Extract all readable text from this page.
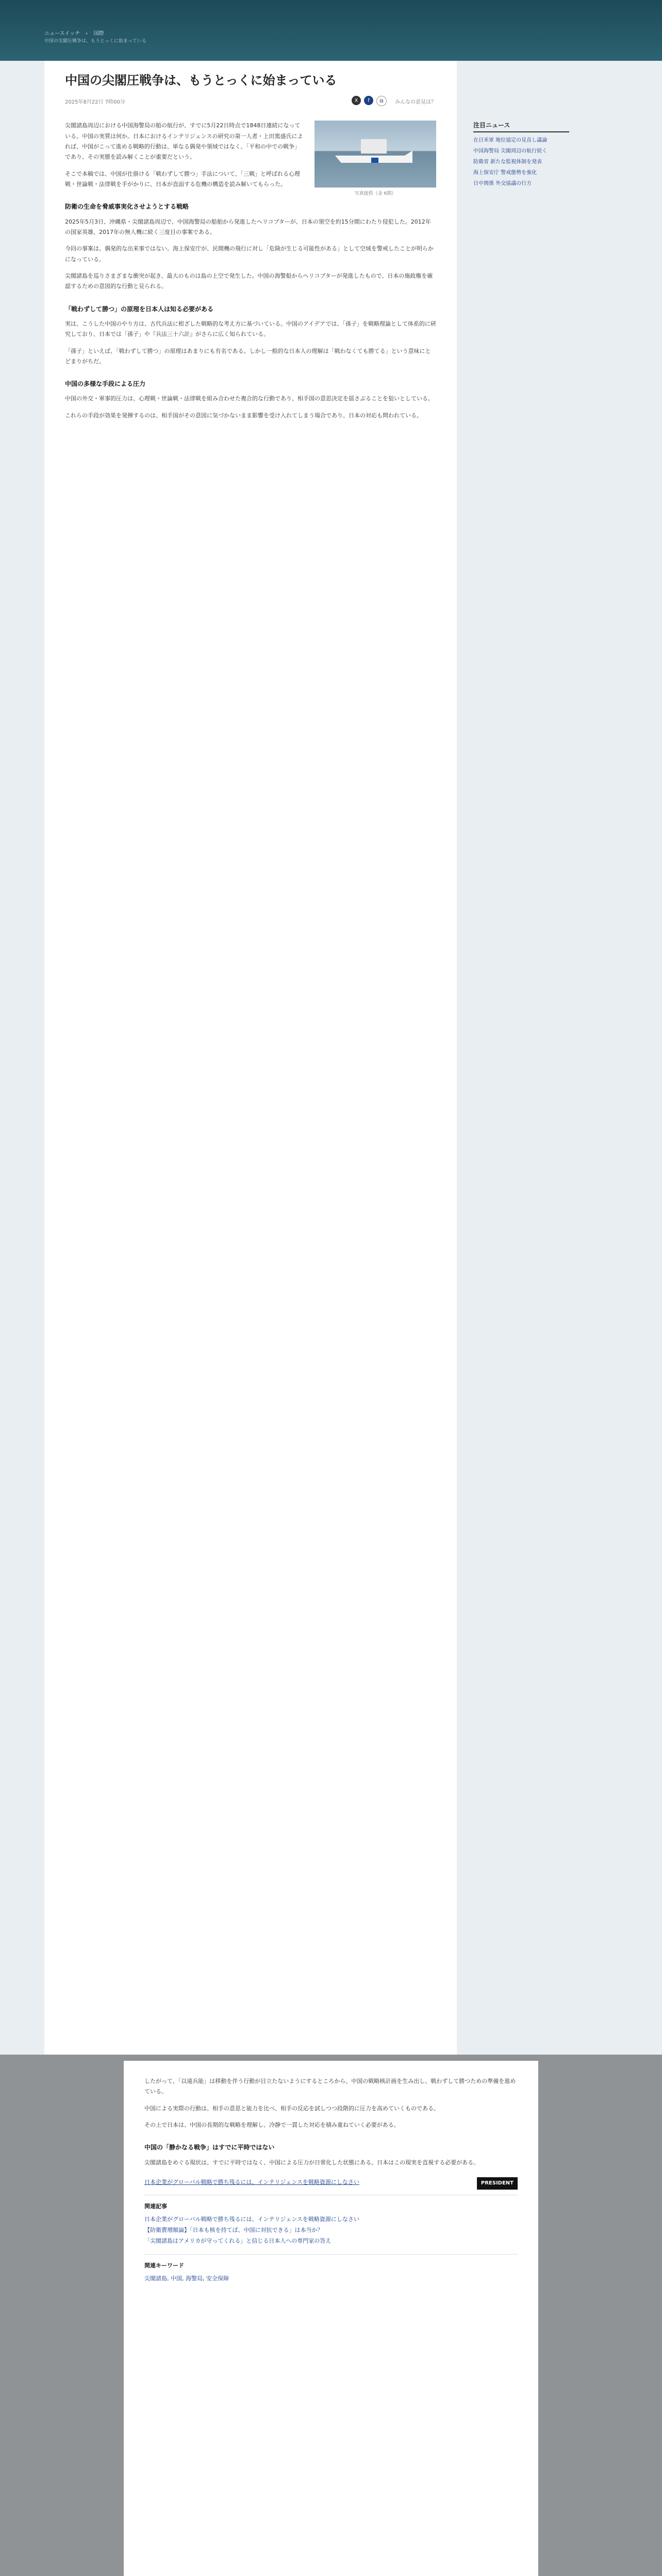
ニュースイッチ › 国際
中国の尖閣圧戦争は、もうとっくに始まっている
中国の尖閣圧戦争は、もうとっくに始まっている
2025年8月22日 7時00分	X	f	⧉	みんなの意見は？
写真提供（金 6期）

尖閣諸島周辺における中国海警局の船の航行が、すでに5月22日時点で1848日連続になっている。中国の実質は何か。日本におけるインテリジェンスの研究の第一人者・上田篤盛氏によれば、中国がこって進める戦略的行動は、単なる偶発や領域ではなく、「平和の中での戦争」であり、その実態を読み解くことが重要だという。

そこで本稿では、中国が仕掛ける「戦わずして勝つ」手法について、「三戦」と呼ばれる心理戦・世論戦・法律戦を手がかりに、日本が直面する危機の構造を読み解いてもらった。

防衛の生命を脅威事実化させようとする戦略

2025年5月3日、沖縄県・尖閣諸島周辺で、中国海警局の船舶から発進したヘリコプターが、日本の領空を約15分間にわたり侵犯した。2012年の国家英雄、2017年の無人機に続く三度目の事案である。

今回の事案は、偶発的な出来事ではない。海上保安庁が、民間機の飛行に対し「危険が生じる可能性がある」として空域を警戒したことが明らかになっている。

尖閣諸島を巡りさまざまな衝突が起き、最大のものは島の上空で発生した。中国の海警船からヘリコプターが発進したもので、日本の施政権を確認するための意図的な行動と見られる。

「戦わずして勝つ」の原理を日本人は知る必要がある

実は、こうした中国のやり方は、古代兵法に根ざした戦略的な考え方に基づいている。中国のアイデアでは、「孫子」を戦略理論として体系的に研究しており、日本では「孫子」や『兵法三十六計』がさらに広く知られている。

「孫子」といえば、「戦わずして勝つ」の原理はあまりにも有名である。しかし一般的な日本人の理解は「戦わなくても勝てる」という意味にとどまりがちだ。

中国の多様な手段による圧力

中国の外交・軍事的圧力は、心理戦・世論戦・法律戦を組み合わせた複合的な行動であり、相手国の意思決定を揺さぶることを狙いとしている。

これらの手段が効果を発揮するのは、相手国がその意図に気づかないまま影響を受け入れてしまう場合であり、日本の対応も問われている。

注目ニュース
在日米軍 地位協定の見直し議論
中国海警局 尖閣周辺の航行続く
防衛省 新たな監視体制を発表
海上保安庁 警戒態勢を強化
日中関係 外交協議の行方

したがって、「以遠兵能」は移動を伴う行動が目立たないようにするところから、中国の戦略核計画を生み出し、戦わずして勝つための準備を進めている。

中国による実際の行動は、相手の意思と能力を比べ、相手の反応を試しつつ段階的に圧力を高めていくものである。

その上で日本は、中国の長期的な戦略を理解し、冷静で一貫した対応を積み重ねていく必要がある。

中国の「静かなる戦争」はすでに平時ではない

尖閣諸島をめぐる現状は、すでに平時ではなく、中国による圧力が日常化した状態にある。日本はこの現実を直視する必要がある。

PRESIDENT
日本企業がグローバル戦略で勝ち残るには、インテリジェンスを戦略資源にしなさい
関連記事
日本企業がグローバル戦略で勝ち残るには、インテリジェンスを戦略資源にしなさい
【防衛費増額論】「日本も核を持てば、中国に対抗できる」は本当か？
「尖閣諸島はアメリカが守ってくれる」と信じる日本人への専門家の答え
関連キーワード
尖閣諸島, 中国, 海警局, 安全保障
